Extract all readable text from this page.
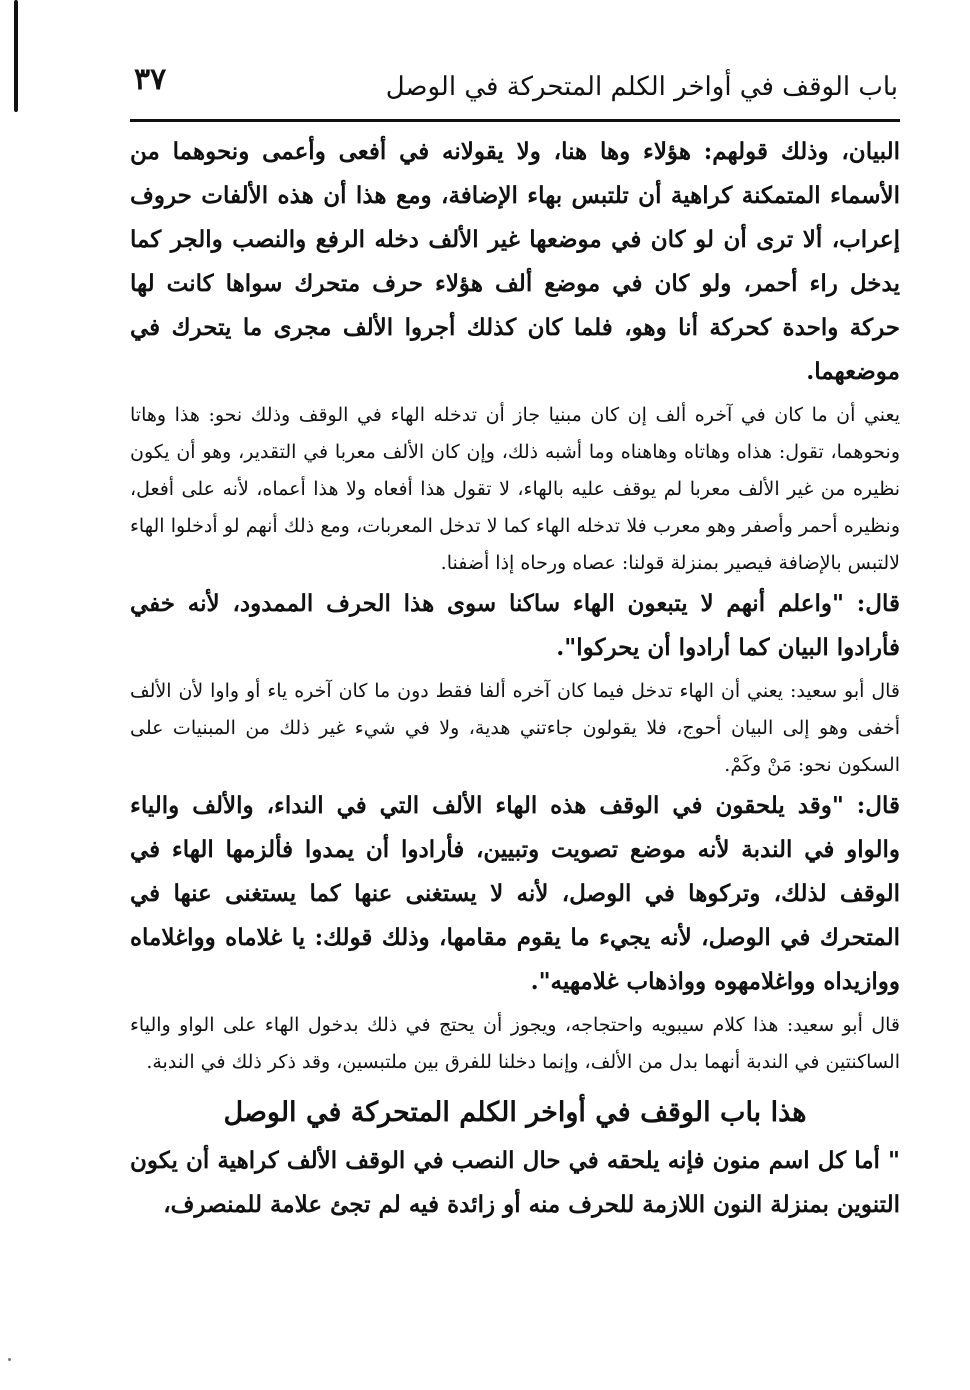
٣٧	باب الوقف في أواخر الكلم المتحركة في الوصل

البيان، وذلك قولهم: هؤلاء وها هنا، ولا يقولانه في أفعى وأعمى ونحوهما من الأسماء المتمكنة كراهية أن تلتبس بهاء الإضافة، ومع هذا أن هذه الألفات حروف إعراب، ألا ترى أن لو كان في موضعها غير الألف دخله الرفع والنصب والجر كما يدخل راء أحمر، ولو كان في موضع ألف هؤلاء حرف متحرك سواها كانت لها حركة واحدة كحركة أنا وهو، فلما كان كذلك أجروا الألف مجرى ما يتحرك في موضعهما.

يعني أن ما كان في آخره ألف إن كان مبنيا جاز أن تدخله الهاء في الوقف وذلك نحو: هذا وهاتا ونحوهما، تقول: هذاه وهاتاه وهاهناه وما أشبه ذلك، وإن كان الألف معربا في التقدير، وهو أن يكون نظيره من غير الألف معربا لم يوقف عليه بالهاء، لا تقول هذا أفعاه ولا هذا أعماه، لأنه على أفعل، ونظيره أحمر وأصفر وهو معرب فلا تدخله الهاء كما لا تدخل المعربات، ومع ذلك أنهم لو أدخلوا الهاء لالتبس بالإضافة فيصير بمنزلة قولنا: عصاه ورحاه إذا أضفنا.

قال: "واعلم أنهم لا يتبعون الهاء ساكنا سوى هذا الحرف الممدود، لأنه خفي فأرادوا البيان كما أرادوا أن يحركوا".

قال أبو سعيد: يعني أن الهاء تدخل فيما كان آخره ألفا فقط دون ما كان آخره ياء أو واوا لأن الألف أخفى وهو إلى البيان أحوج، فلا يقولون جاءتني هدية، ولا في شيء غير ذلك من المبنيات على السكون نحو: مَنْ وكَمْ.

قال: "وقد يلحقون في الوقف هذه الهاء الألف التي في النداء، والألف والياء والواو في الندبة لأنه موضع تصويت وتبيين، فأرادوا أن يمدوا فألزمها الهاء في الوقف لذلك، وتركوها في الوصل، لأنه لا يستغنى عنها كما يستغنى عنها في المتحرك في الوصل، لأنه يجيء ما يقوم مقامها، وذلك قولك: يا غلاماه وواغلاماه ووازيداه وواغلامهوه وواذهاب غلامهيه".

قال أبو سعيد: هذا كلام سيبويه واحتجاجه، ويجوز أن يحتج في ذلك بدخول الهاء على الواو والياء الساكنتين في الندبة أنهما بدل من الألف، وإنما دخلنا للفرق بين ملتبسين، وقد ذكر ذلك في الندبة.

هذا باب الوقف في أواخر الكلم المتحركة في الوصل

" أما كل اسم منون فإنه يلحقه في حال النصب في الوقف الألف كراهية أن يكون التنوين بمنزلة النون اللازمة للحرف منه أو زائدة فيه لم تجئ علامة للمنصرف،
